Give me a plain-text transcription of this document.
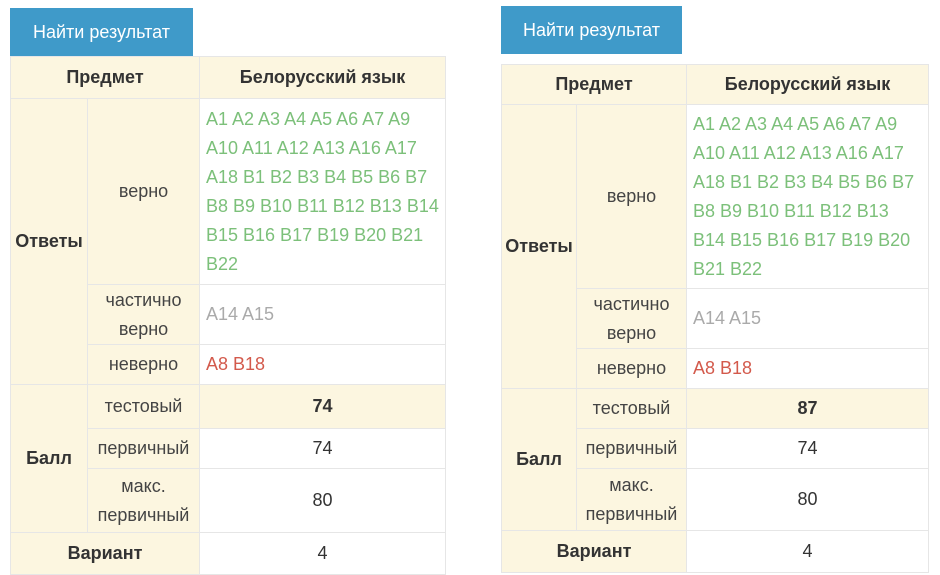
Найти результат
Предмет		Белорусский язык
Ответы	верно	A1 A2 A3 A4 A5 A6 A7 A9 A10 A11 A12 A13 A16 A17 A18 B1 B2 B3 B4 B5 B6 B7 B8 B9 B10 B11 B12 B13 B14 B15 B16 B17 B19 B20 B21 B22
	частично верно	A14 A15
	неверно	A8 B18
Балл	тестовый	74
	первичный	74
	макс. первичный	80
Вариант		4
Найти результат
Предмет		Белорусский язык
Ответы	верно	A1 A2 A3 A4 A5 A6 A7 A9 A10 A11 A12 A13 A16 A17 A18 B1 B2 B3 B4 B5 B6 B7 B8 B9 B10 B11 B12 B13 B14 B15 B16 B17 B19 B20 B21 B22
	частично верно	A14 A15
	неверно	A8 B18
Балл	тестовый	87
	первичный	74
	макс. первичный	80
Вариант		4
